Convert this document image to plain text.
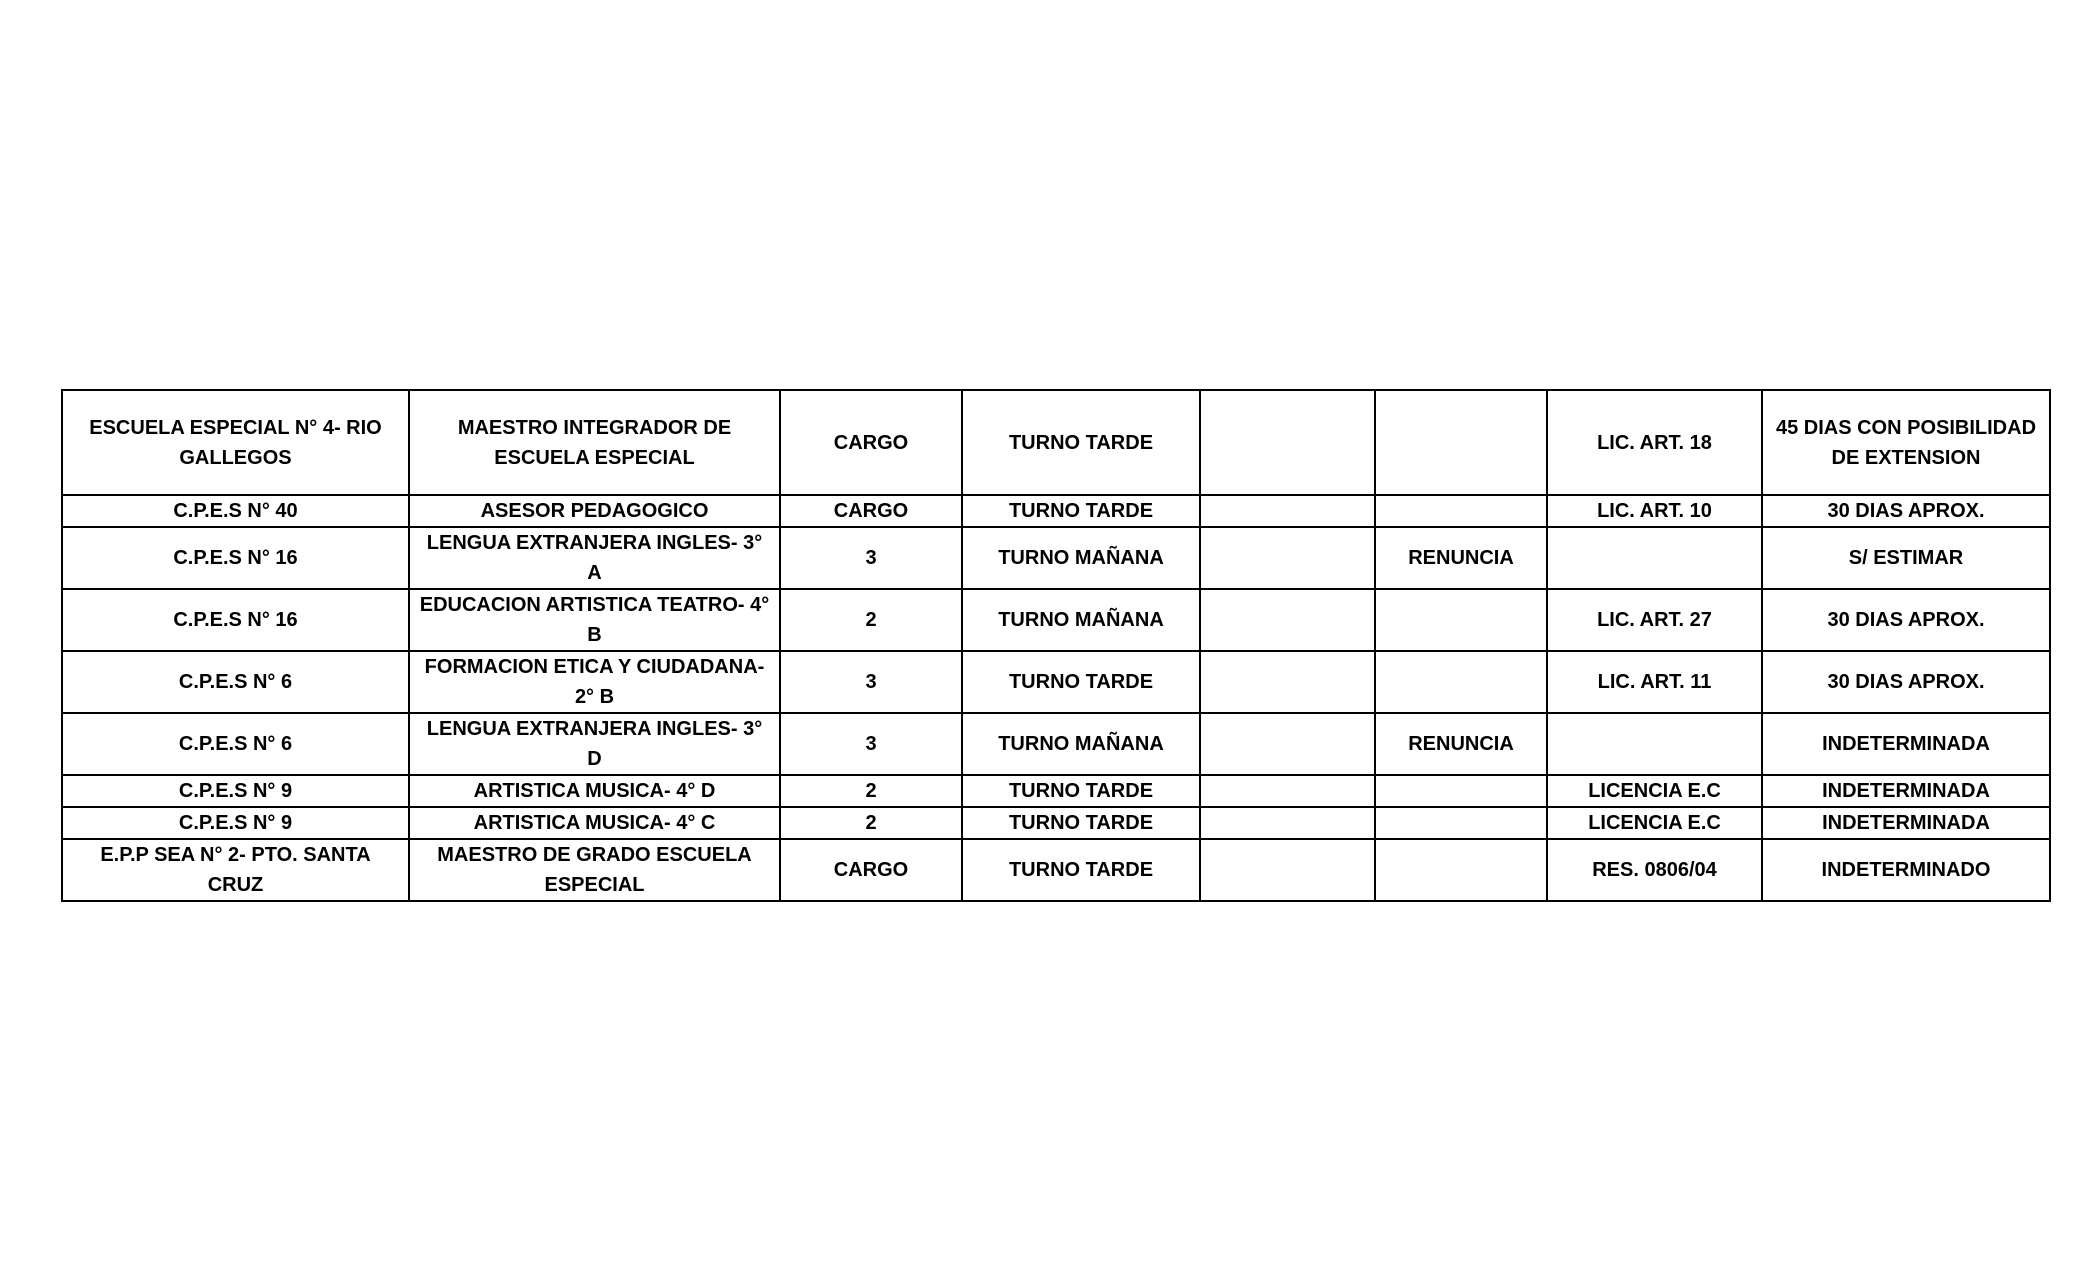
ESCUELA ESPECIAL N° 4- RIO GALLEGOS	MAESTRO INTEGRADOR DE ESCUELA ESPECIAL	CARGO	TURNO TARDE			LIC. ART. 18	45 DIAS CON POSIBILIDAD DE EXTENSION
C.P.E.S N° 40	ASESOR PEDAGOGICO	CARGO	TURNO TARDE			LIC. ART. 10	30 DIAS APROX.
C.P.E.S N° 16	LENGUA EXTRANJERA INGLES- 3° A	3	TURNO MAÑANA		RENUNCIA		S/ ESTIMAR
C.P.E.S N° 16	EDUCACION ARTISTICA TEATRO- 4° B	2	TURNO MAÑANA			LIC. ART. 27	30 DIAS APROX.
C.P.E.S N° 6	FORMACION ETICA Y CIUDADANA- 2° B	3	TURNO TARDE			LIC. ART. 11	30 DIAS APROX.
C.P.E.S N° 6	LENGUA EXTRANJERA INGLES- 3° D	3	TURNO MAÑANA		RENUNCIA		INDETERMINADA
C.P.E.S N° 9	ARTISTICA MUSICA- 4° D	2	TURNO TARDE			LICENCIA E.C	INDETERMINADA
C.P.E.S N° 9	ARTISTICA MUSICA- 4° C	2	TURNO TARDE			LICENCIA E.C	INDETERMINADA
E.P.P SEA N° 2- PTO. SANTA CRUZ	MAESTRO DE GRADO ESCUELA ESPECIAL	CARGO	TURNO TARDE			RES. 0806/04	INDETERMINADO
